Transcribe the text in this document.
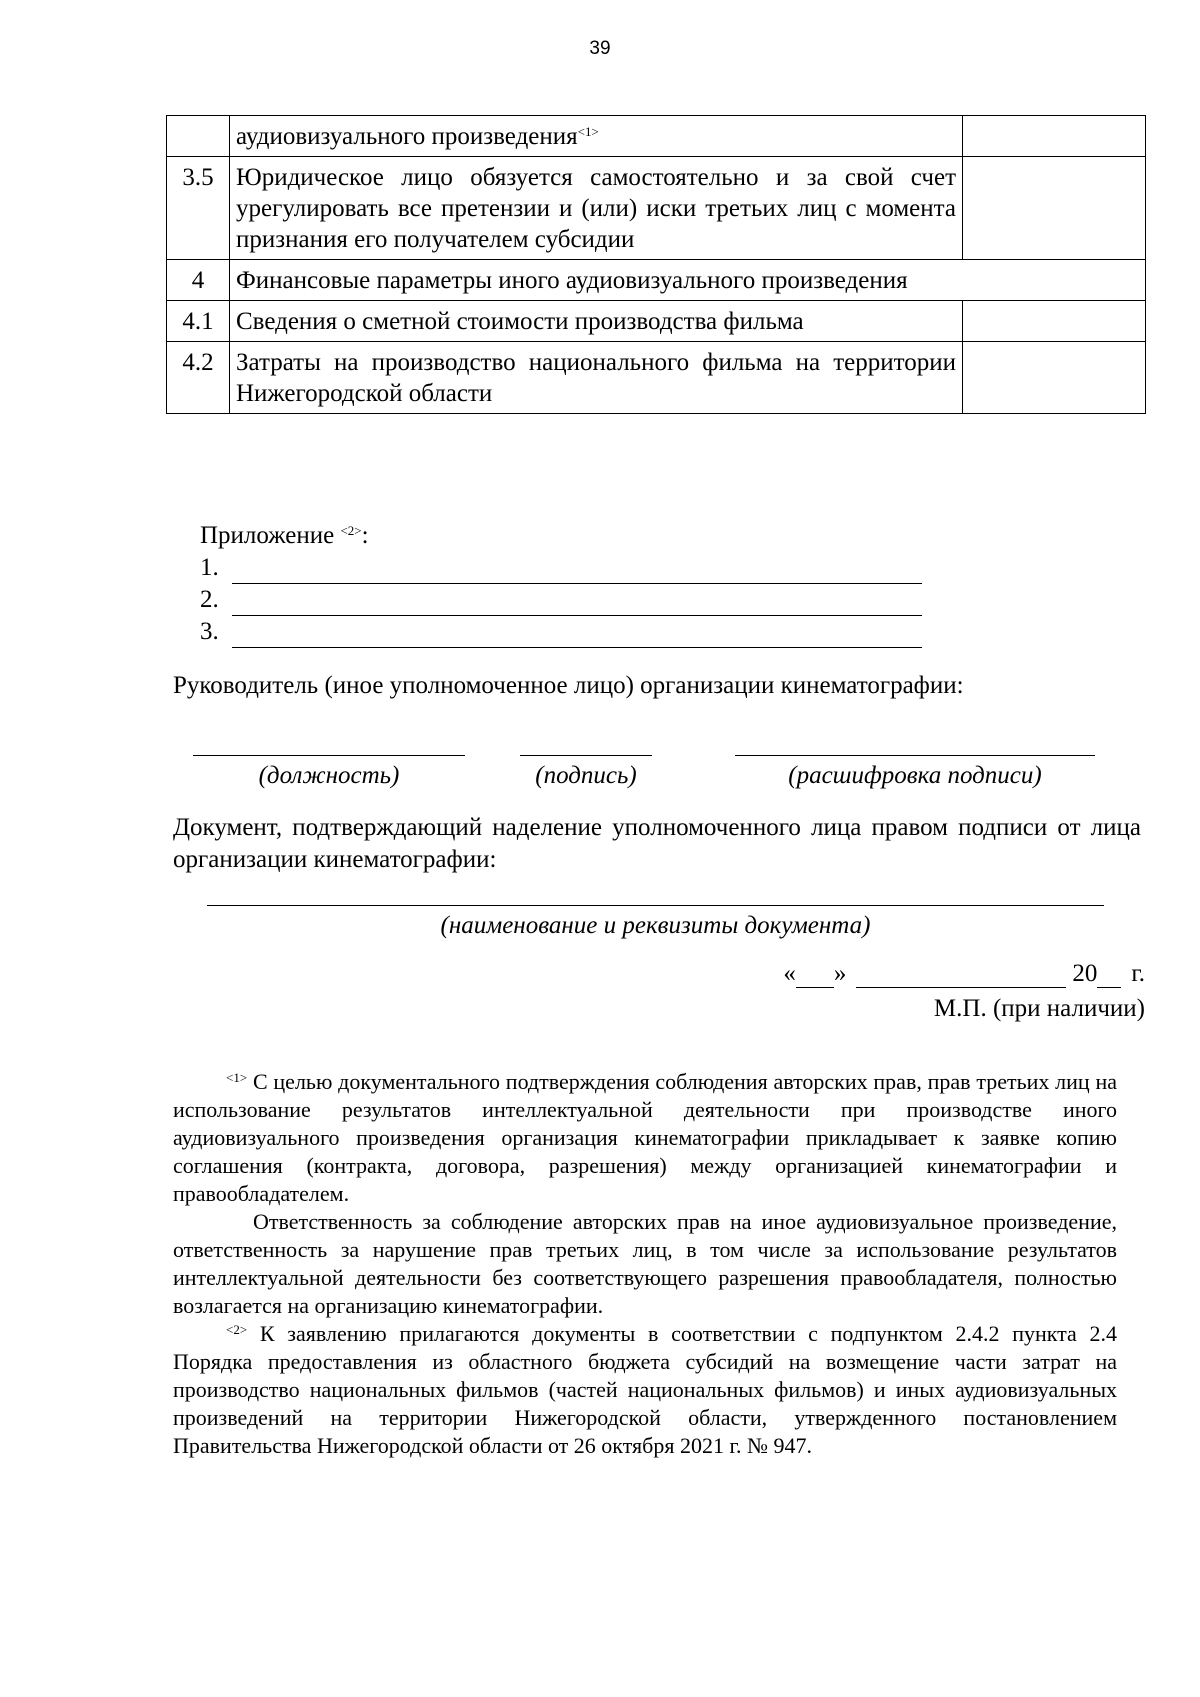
39
	аудиовизуального произведения$^{<1>}$	
3.5	Юридическое лицо обязуется самостоятельно и за свой счет урегулировать все претензии и (или) иски третьих лиц с момента признания его получателем субсидии	
4	Финансовые параметры иного аудиовизуального произведения	
4.1	Сведения о сметной стоимости производства фильма	
4.2	Затраты на производство национального фильма на территории Нижегородской области	
Приложение $^{<2>}$:
1.
2.
3.
Руководитель (иное уполномоченное лицо) организации кинематографии:
(должность)	(подпись)	(расшифровка подписи)
Документ, подтверждающий наделение уполномоченного лица правом подписи от лица организации кинематографии:
(наименование и реквизиты документа)
« »	20 г.
М.П. (при наличии)

$^{<1>}$ С целью документального подтверждения соблюдения авторских прав, прав третьих лиц на использование результатов интеллектуальной деятельности при производстве иного аудиовизуального произведения организация кинематографии прикладывает к заявке копию соглашения (контракта, договора, разрешения) между организацией кинематографии и правообладателем.

Ответственность за соблюдение авторских прав на иное аудиовизуальное произведение, ответственность за нарушение прав третьих лиц, в том числе за использование результатов интеллектуальной деятельности без соответствующего разрешения правообладателя, полностью возлагается на организацию кинематографии.

$^{<2>}$ К заявлению прилагаются документы в соответствии с подпунктом 2.4.2 пункта 2.4 Порядка предоставления из областного бюджета субсидий на возмещение части затрат на производство национальных фильмов (частей национальных фильмов) и иных аудиовизуальных произведений на территории Нижегородской области, утвержденного постановлением Правительства Нижегородской области от 26 октября 2021 г. № 947.
